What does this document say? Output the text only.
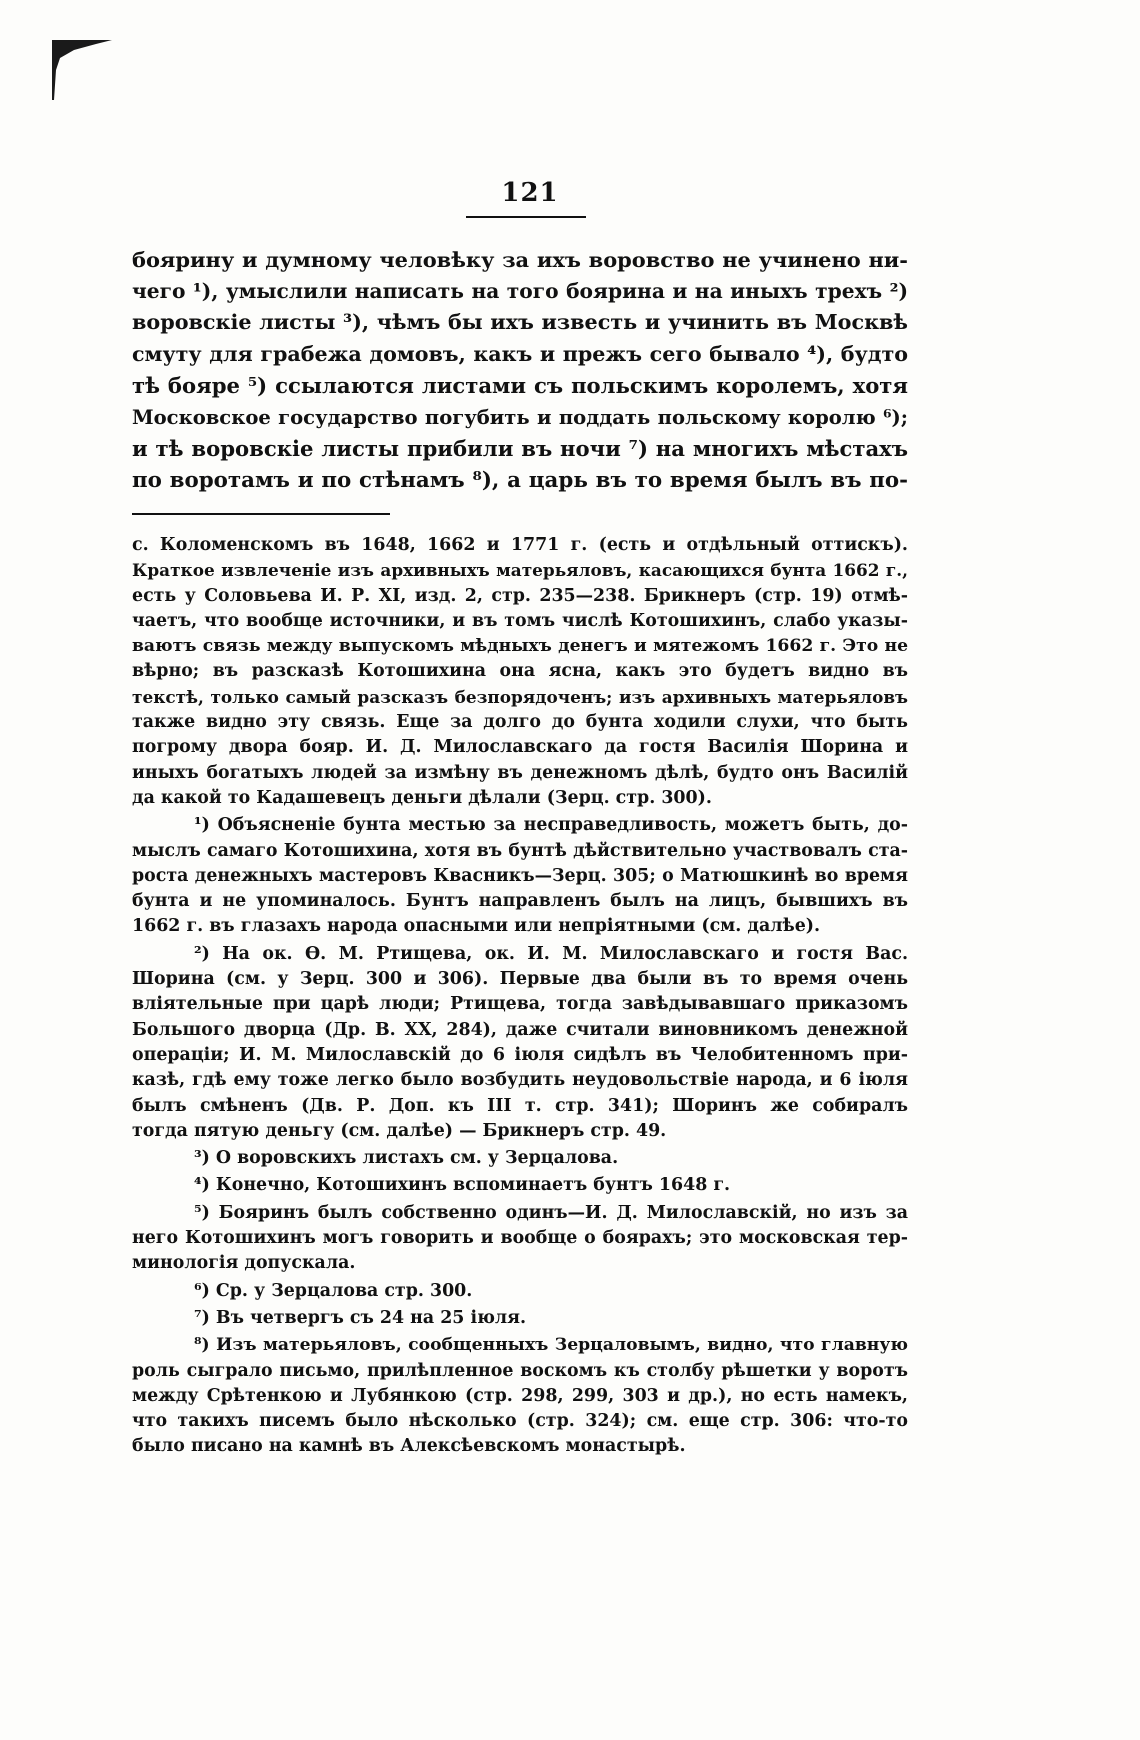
121
боярину и думному человѣку за ихъ воровство не учинено ни-
чего ¹), умыслили написать на того боярина и на иныхъ трехъ ²)
воровскіе листы ³), чѣмъ бы ихъ известь и учинить въ Москвѣ
смуту для грабежа домовъ, какъ и прежъ сего бывало ⁴), будто
тѣ бояре ⁵) ссылаются листами съ польскимъ королемъ, хотя
Московское государство погубить и поддать польскому королю ⁶);
и тѣ воровскіе листы прибили въ ночи ⁷) на многихъ мѣстахъ
по воротамъ и по стѣнамъ ⁸), а царь въ то время былъ въ по-
с. Коломенскомъ въ 1648, 1662 и 1771 г. (есть и отдѣльный оттискъ).
Краткое извлеченіе изъ архивныхъ матерьяловъ, касающихся бунта 1662 г.,
есть у Соловьева И. Р. XI, изд. 2, стр. 235—238. Брикнеръ (стр. 19) отмѣ-
чаетъ, что вообще источники, и въ томъ числѣ Котошихинъ, слабо указы-
ваютъ связь между выпускомъ мѣдныхъ денегъ и мятежомъ 1662 г. Это не
вѣрно; въ разсказѣ Котошихина она ясна, какъ это будетъ видно въ
текстѣ, только самый разсказъ безпорядоченъ; изъ архивныхъ матерьяловъ
также видно эту связь. Еще за долго до бунта ходили слухи, что быть
погрому двора бояр. И. Д. Милославскаго да гостя Василія Шорина и
иныхъ богатыхъ людей за измѣну въ денежномъ дѣлѣ, будто онъ Василій
да какой то Кадашевецъ деньги дѣлали (Зерц. стр. 300).
¹) Объясненіе бунта местью за несправедливость, можетъ быть, до-
мыслъ самаго Котошихина, хотя въ бунтѣ дѣйствительно участвовалъ ста-
роста денежныхъ мастеровъ Квасникъ—Зерц. 305; о Матюшкинѣ во время
бунта и не упоминалось. Бунтъ направленъ былъ на лицъ, бывшихъ въ
1662 г. въ глазахъ народа опасными или непріятными (см. далѣе).
²) На ок. Ѳ. М. Ртищева, ок. И. М. Милославскаго и гостя Вас.
Шорина (см. у Зерц. 300 и 306). Первые два были въ то время очень
вліятельные при царѣ люди; Ртищева, тогда завѣдывавшаго приказомъ
Большого дворца (Др. В. XX, 284), даже считали виновникомъ денежной
операціи; И. М. Милославскій до 6 іюля сидѣлъ въ Челобитенномъ при-
казѣ, гдѣ ему тоже легко было возбудить неудовольствіе народа, и 6 іюля
былъ смѣненъ (Дв. Р. Доп. къ III т. стр. 341); Шоринъ же собиралъ
тогда пятую деньгу (см. далѣе) — Брикнеръ стр. 49.
³) О воровскихъ листахъ см. у Зерцалова.
⁴) Конечно, Котошихинъ вспоминаетъ бунтъ 1648 г.
⁵) Бояринъ былъ собственно одинъ—И. Д. Милославскій, но изъ за
него Котошихинъ могъ говорить и вообще о боярахъ; это московская тер-
минологія допускала.
⁶) Ср. у Зерцалова стр. 300.
⁷) Въ четвергъ съ 24 на 25 іюля.
⁸) Изъ матерьяловъ, сообщенныхъ Зерцаловымъ, видно, что главную
роль сыграло письмо, прилѣпленное воскомъ къ столбу рѣшетки у воротъ
между Срѣтенкою и Лубянкою (стр. 298, 299, 303 и др.), но есть намекъ,
что такихъ писемъ было нѣсколько (стр. 324); см. еще стр. 306: что-то
было писано на камнѣ въ Алексѣевскомъ монастырѣ.
